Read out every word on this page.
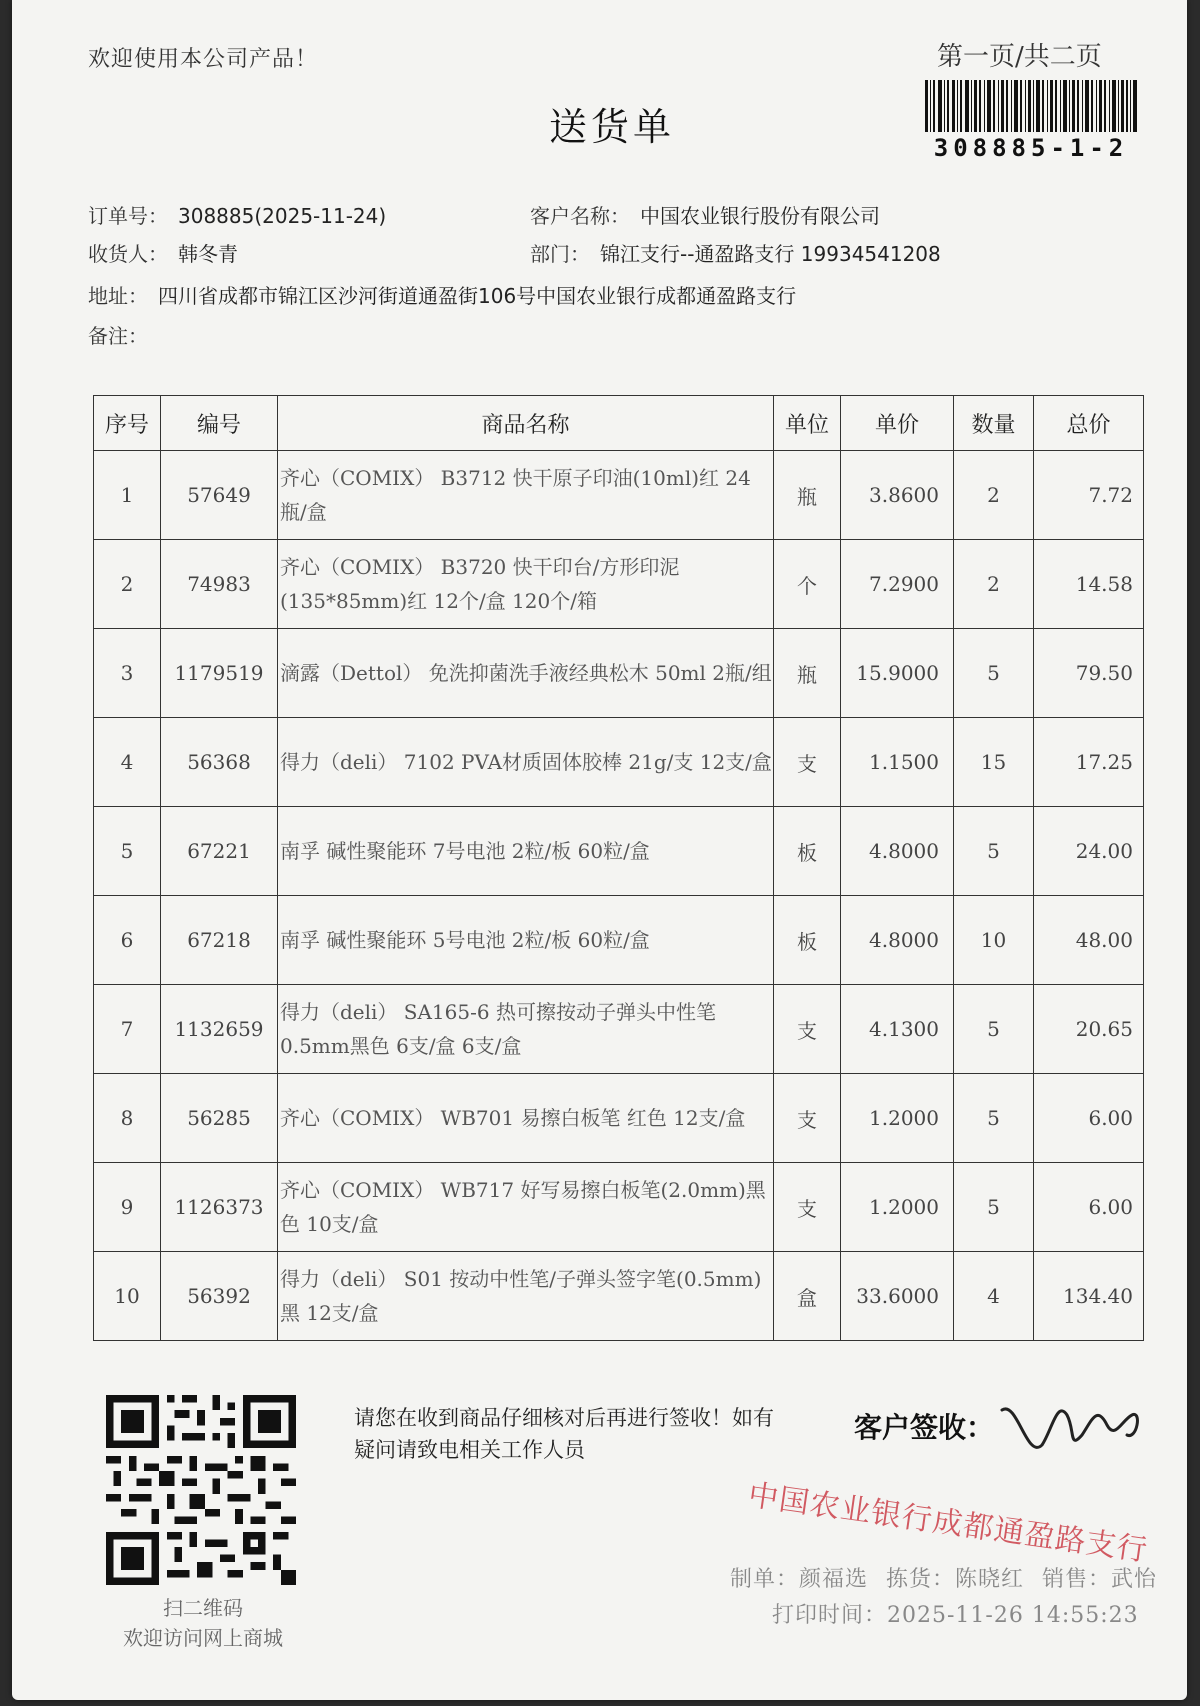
欢迎使用本公司产品！	第一页/共二页
308885-1-2
送货单
订单号： 308885(2025-11-24)	客户名称： 中国农业银行股份有限公司
收货人： 韩冬青	部门： 锦江支行--通盈路支行 19934541208
地址： 四川省成都市锦江区沙河街道通盈街106号中国农业银行成都通盈路支行
备注：
序号	编号	商品名称	单位	单价	数量	总价
1	57649	齐心（COMIX） B3712 快干原子印油(10ml)红 24瓶/盒	瓶	3.8600	2	7.72
2	74983	齐心（COMIX） B3720 快干印台/方形印泥(135*85mm)红 12个/盒 120个/箱	个	7.2900	2	14.58
3	1179519	滴露（Dettol） 免洗抑菌洗手液经典松木 50ml 2瓶/组	瓶	15.9000	5	79.50
4	56368	得力（deli） 7102 PVA材质固体胶棒 21g/支 12支/盒	支	1.1500	15	17.25
5	67221	南孚 碱性聚能环 7号电池 2粒/板 60粒/盒	板	4.8000	5	24.00
6	67218	南孚 碱性聚能环 5号电池 2粒/板 60粒/盒	板	4.8000	10	48.00
7	1132659	得力（deli） SA165-6 热可擦按动子弹头中性笔 0.5mm黑色 6支/盒 6支/盒	支	4.1300	5	20.65
8	56285	齐心（COMIX） WB701 易擦白板笔 红色 12支/盒	支	1.2000	5	6.00
9	1126373	齐心（COMIX） WB717 好写易擦白板笔(2.0mm)黑色 10支/盒	支	1.2000	5	6.00
10	56392	得力（deli） S01 按动中性笔/子弹头签字笔(0.5mm)黑 12支/盒	盒	33.6000	4	134.40
扫二维码
欢迎访问网上商城
请您在收到商品仔细核对后再进行签收！如有疑问请致电相关工作人员
客户签收：
中国农业银行成都通盈路支行
制单：颜福选 拣货：陈晓红 销售：武怡
打印时间：2025-11-26 14:55:23
